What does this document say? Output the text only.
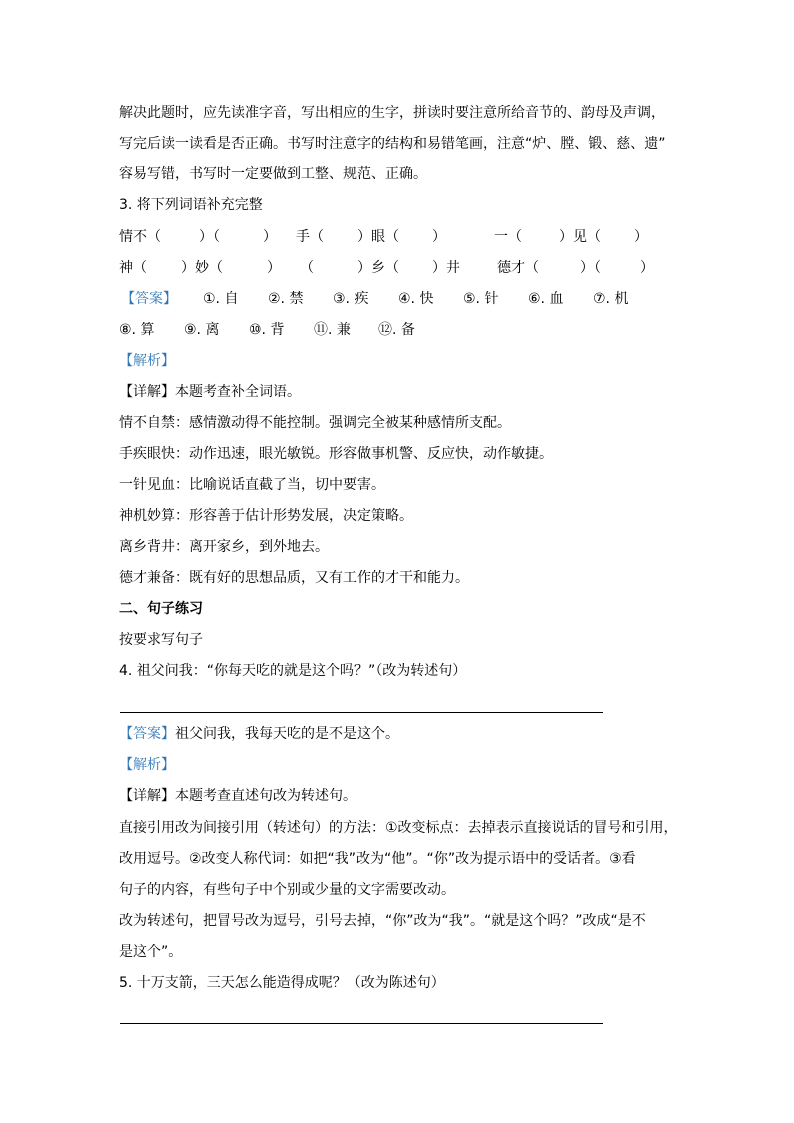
解决此题时，应先读准字音，写出相应的生字，拼读时要注意所给音节的、韵母及声调，
写完后读一读看是否正确。书写时注意字的结构和易错笔画，注意“炉、膛、锻、慈、遗”
容易写错，书写时一定要做到工整、规范、正确。
3. 将下列词语补充完整
情不（	）（	） 手（ ）眼（ ）	一（	）见（ ）
神（ ）妙（	） （	）乡（ ）井	德才（	）（	）
【答案】 ①. 自 ②. 禁 ③. 疾 ④. 快 ⑤. 针 ⑥. 血 ⑦. 机
⑧. 算 ⑨. 离 ⑩. 背 ⑪. 兼 ⑫. 备
【解析】
【详解】本题考查补全词语。
情不自禁：感情激动得不能控制。强调完全被某种感情所支配。
手疾眼快：动作迅速，眼光敏锐。形容做事机警、反应快，动作敏捷。
一针见血：比喻说话直截了当，切中要害。
神机妙算：形容善于估计形势发展，决定策略。
离乡背井：离开家乡，到外地去。
德才兼备：既有好的思想品质，又有工作的才干和能力。
二、句子练习
按要求写句子
4. 祖父问我：“你每天吃的就是这个吗？”（改为转述句）
【答案】祖父问我，我每天吃的是不是这个。
【解析】
【详解】本题考查直述句改为转述句。
直接引用改为间接引用（转述句）的方法：①改变标点：去掉表示直接说话的冒号和引用，
改用逗号。②改变人称代词：如把“我”改为“他”。“你”改为提示语中的受话者。③看
句子的内容，有些句子中个别或少量的文字需要改动。
改为转述句，把冒号改为逗号，引号去掉，“你”改为“我”。“就是这个吗？”改成“是不
是这个”。
5. 十万支箭，三天怎么能造得成呢？（改为陈述句）
